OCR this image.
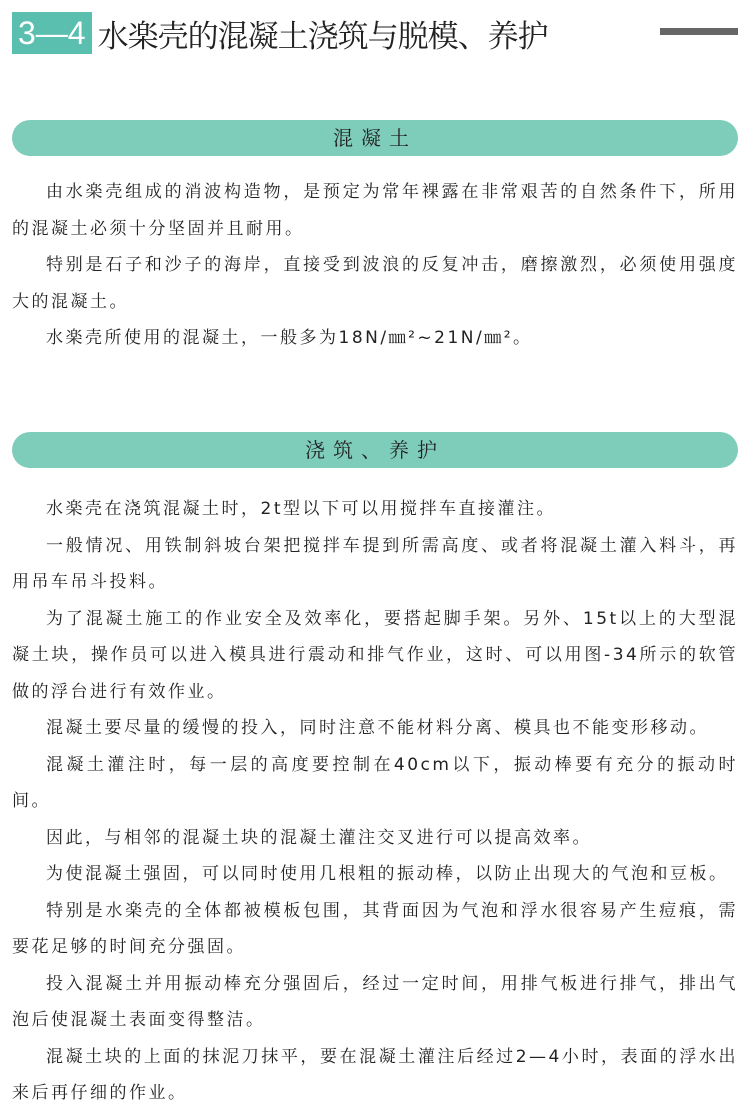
3—4 水楽壳的混凝土浇筑与脱模、养护
混凝土

由水楽壳组成的消波构造物，是预定为常年裸露在非常艰苦的自然条件下，所用的混凝土必须十分坚固并且耐用。

特别是石子和沙子的海岸，直接受到波浪的反复冲击，磨擦激烈，必须使用强度大的混凝土。

水楽壳所使用的混凝土，一般多为18N/㎜²~21N/㎜²。

浇筑、养护

水楽壳在浇筑混凝土时，2t型以下可以用搅拌车直接灌注。

一般情况、用铁制斜坡台架把搅拌车提到所需高度、或者将混凝土灌入料斗，再用吊车吊斗投料。

为了混凝土施工的作业安全及效率化，要搭起脚手架。另外、15t以上的大型混凝土块，操作员可以进入模具进行震动和排气作业，这时、可以用图-34所示的软管做的浮台进行有效作业。

混凝土要尽量的缓慢的投入，同时注意不能材料分离、模具也不能变形移动。

混凝土灌注时，每一层的高度要控制在40cm以下，振动棒要有充分的振动时间。

因此，与相邻的混凝土块的混凝土灌注交叉进行可以提高效率。

为使混凝土强固，可以同时使用几根粗的振动棒，以防止出现大的气泡和豆板。

特别是水楽壳的全体都被模板包围，其背面因为气泡和浮水很容易产生痘痕，需要花足够的时间充分强固。

投入混凝土并用振动棒充分强固后，经过一定时间，用排气板进行排气，排出气泡后使混凝土表面变得整洁。

混凝土块的上面的抹泥刀抹平，要在混凝土灌注后经过2—4小时，表面的浮水出来后再仔细的作业。
